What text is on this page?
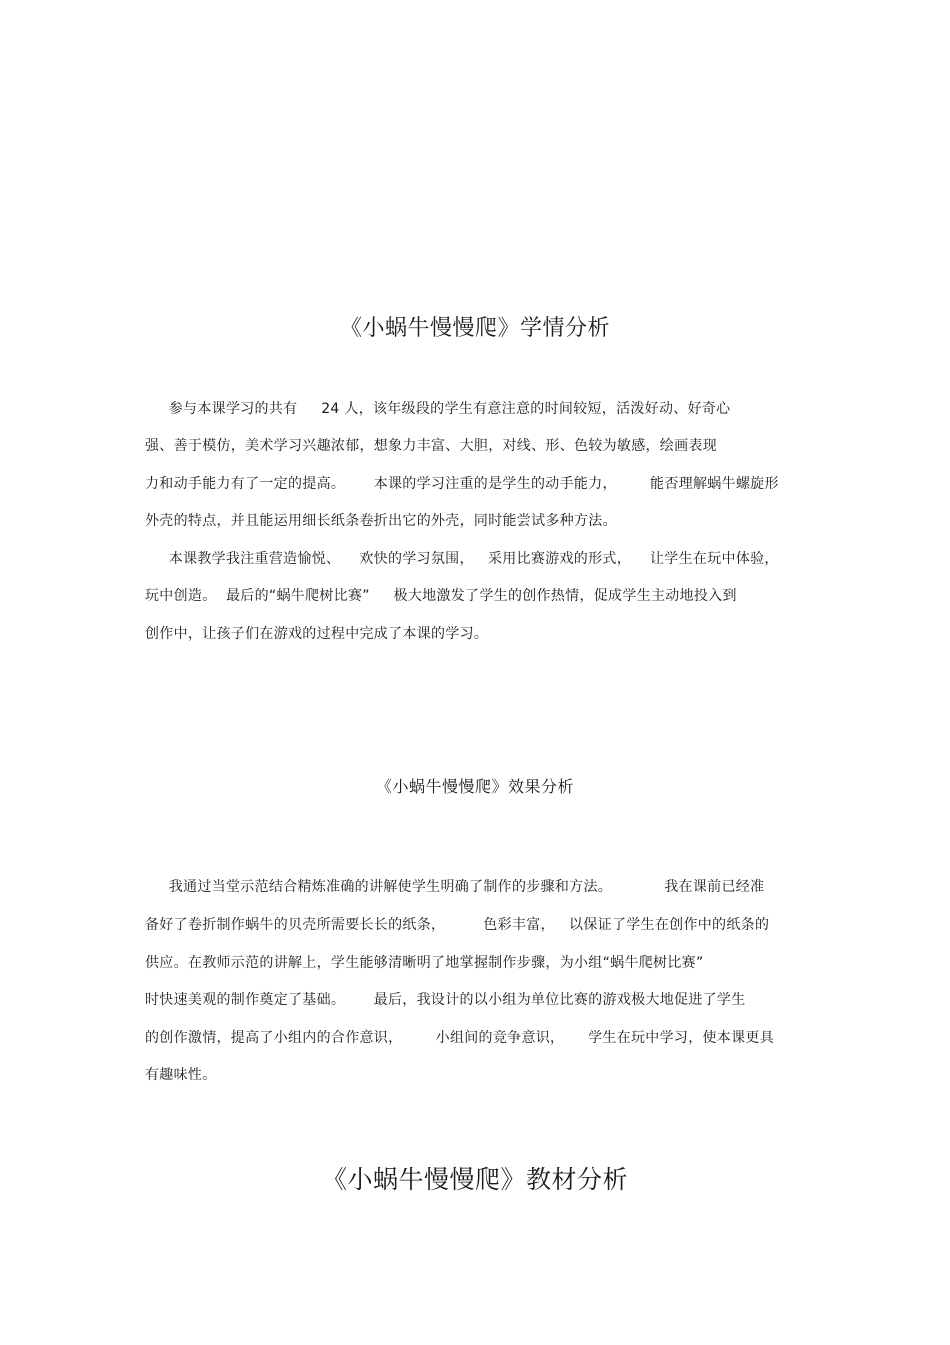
《小蜗牛慢慢爬》学情分析
参与本课学习的共有     24 人，该年级段的学生有意注意的时间较短，活泼好动、好奇心
强、善于模仿，美术学习兴趣浓郁，想象力丰富、大胆，对线、形、色较为敏感，绘画表现
力和动手能力有了一定的提高。      本课的学习注重的是学生的动手能力，       能否理解蜗牛螺旋形
外壳的特点，并且能运用细长纸条卷折出它的外壳，同时能尝试多种方法。
本课教学我注重营造愉悦、    欢快的学习氛围，   采用比赛游戏的形式，    让学生在玩中体验，
玩中创造。  最后的“蜗牛爬树比赛”     极大地激发了学生的创作热情，促成学生主动地投入到
创作中，让孩子们在游戏的过程中完成了本课的学习。
《小蜗牛慢慢爬》效果分析
我通过当堂示范结合精炼准确的讲解使学生明确了制作的步骤和方法。           我在课前已经准
备好了卷折制作蜗牛的贝壳所需要长长的纸条，        色彩丰富，   以保证了学生在创作中的纸条的
供应。在教师示范的讲解上，学生能够清晰明了地掌握制作步骤，为小组“蜗牛爬树比赛”
时快速美观的制作奠定了基础。      最后，我设计的以小组为单位比赛的游戏极大地促进了学生
的创作激情，提高了小组内的合作意识，       小组间的竞争意识，     学生在玩中学习，使本课更具
有趣味性。
《小蜗牛慢慢爬》教材分析
